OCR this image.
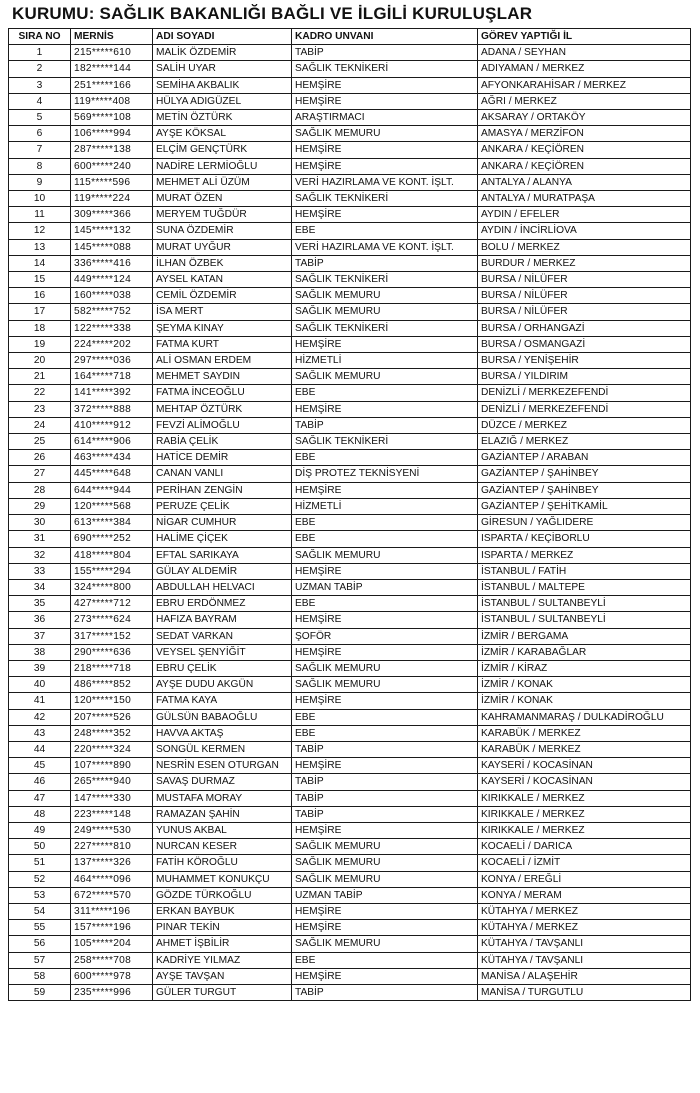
KURUMU: SAĞLIK BAKANLIĞI BAĞLI VE İLGİLİ KURULUŞLAR
SIRA NO	MERNİS	ADI SOYADI	KADRO UNVANI	GÖREV YAPTIĞI İL
1	215*****610	MALİK ÖZDEMİR	TABİP	ADANA / SEYHAN
2	182*****144	SALİH UYAR	SAĞLIK TEKNİKERİ	ADIYAMAN / MERKEZ
3	251*****166	SEMİHA AKBALIK	HEMŞİRE	AFYONKARAHİSAR / MERKEZ
4	119*****408	HÜLYA ADIGÜZEL	HEMŞİRE	AĞRI / MERKEZ
5	569*****108	METİN ÖZTÜRK	ARAŞTIRMACI	AKSARAY / ORTAKÖY
6	106*****994	AYŞE KÖKSAL	SAĞLIK MEMURU	AMASYA / MERZİFON
7	287*****138	ELÇİM GENÇTÜRK	HEMŞİRE	ANKARA / KEÇİÖREN
8	600*****240	NADİRE LERMİOĞLU	HEMŞİRE	ANKARA / KEÇİÖREN
9	115*****596	MEHMET ALİ ÜZÜM	VERİ HAZIRLAMA VE KONT. İŞLT.	ANTALYA / ALANYA
10	119*****224	MURAT ÖZEN	SAĞLIK TEKNİKERİ	ANTALYA / MURATPAŞA
11	309*****366	MERYEM TUĞDÜR	HEMŞİRE	AYDIN / EFELER
12	145*****132	SUNA ÖZDEMİR	EBE	AYDIN / İNCİRLİOVA
13	145*****088	MURAT UYĞUR	VERİ HAZIRLAMA VE KONT. İŞLT.	BOLU / MERKEZ
14	336*****416	İLHAN ÖZBEK	TABİP	BURDUR / MERKEZ
15	449*****124	AYSEL KATAN	SAĞLIK TEKNİKERİ	BURSA / NİLÜFER
16	160*****038	CEMİL ÖZDEMİR	SAĞLIK MEMURU	BURSA / NİLÜFER
17	582*****752	İSA MERT	SAĞLIK MEMURU	BURSA / NİLÜFER
18	122*****338	ŞEYMA KINAY	SAĞLIK TEKNİKERİ	BURSA / ORHANGAZİ
19	224*****202	FATMA KURT	HEMŞİRE	BURSA / OSMANGAZİ
20	297*****036	ALİ OSMAN ERDEM	HİZMETLİ	BURSA / YENİŞEHİR
21	164*****718	MEHMET SAYDIN	SAĞLIK MEMURU	BURSA / YILDIRIM
22	141*****392	FATMA İNCEOĞLU	EBE	DENİZLİ / MERKEZEFENDİ
23	372*****888	MEHTAP ÖZTÜRK	HEMŞİRE	DENİZLİ / MERKEZEFENDİ
24	410*****912	FEVZİ ALİMOĞLU	TABİP	DÜZCE / MERKEZ
25	614*****906	RABİA ÇELİK	SAĞLIK TEKNİKERİ	ELAZIĞ / MERKEZ
26	463*****434	HATİCE DEMİR	EBE	GAZİANTEP / ARABAN
27	445*****648	CANAN VANLI	DİŞ PROTEZ TEKNİSYENİ	GAZİANTEP / ŞAHİNBEY
28	644*****944	PERİHAN ZENGİN	HEMŞİRE	GAZİANTEP / ŞAHİNBEY
29	120*****568	PERUZE ÇELİK	HİZMETLİ	GAZİANTEP / ŞEHİTKAMİL
30	613*****384	NİGAR CUMHUR	EBE	GİRESUN / YAĞLIDERE
31	690*****252	HALİME ÇİÇEK	EBE	ISPARTA / KEÇİBORLU
32	418*****804	EFTAL SARIKAYA	SAĞLIK MEMURU	ISPARTA / MERKEZ
33	155*****294	GÜLAY ALDEMİR	HEMŞİRE	İSTANBUL / FATİH
34	324*****800	ABDULLAH HELVACI	UZMAN TABİP	İSTANBUL / MALTEPE
35	427*****712	EBRU ERDÖNMEZ	EBE	İSTANBUL / SULTANBEYLİ
36	273*****624	HAFIZA BAYRAM	HEMŞİRE	İSTANBUL / SULTANBEYLİ
37	317*****152	SEDAT VARKAN	ŞOFÖR	İZMİR / BERGAMA
38	290*****636	VEYSEL ŞENYİĞİT	HEMŞİRE	İZMİR / KARABAĞLAR
39	218*****718	EBRU ÇELİK	SAĞLIK MEMURU	İZMİR / KİRAZ
40	486*****852	AYŞE DUDU AKGÜN	SAĞLIK MEMURU	İZMİR / KONAK
41	120*****150	FATMA KAYA	HEMŞİRE	İZMİR / KONAK
42	207*****526	GÜLSÜN BABAOĞLU	EBE	KAHRAMANMARAŞ / DULKADİROĞLU
43	248*****352	HAVVA AKTAŞ	EBE	KARABÜK / MERKEZ
44	220*****324	SONGÜL KERMEN	TABİP	KARABÜK / MERKEZ
45	107*****890	NESRİN ESEN OTURGAN	HEMŞİRE	KAYSERİ / KOCASİNAN
46	265*****940	SAVAŞ DURMAZ	TABİP	KAYSERİ / KOCASİNAN
47	147*****330	MUSTAFA MORAY	TABİP	KIRIKKALE / MERKEZ
48	223*****148	RAMAZAN ŞAHİN	TABİP	KIRIKKALE / MERKEZ
49	249*****530	YUNUS AKBAL	HEMŞİRE	KIRIKKALE / MERKEZ
50	227*****810	NURCAN KESER	SAĞLIK MEMURU	KOCAELİ / DARICA
51	137*****326	FATİH KÖROĞLU	SAĞLIK MEMURU	KOCAELİ / İZMİT
52	464*****096	MUHAMMET KONUKÇU	SAĞLIK MEMURU	KONYA / EREĞLİ
53	672*****570	GÖZDE TÜRKOĞLU	UZMAN TABİP	KONYA / MERAM
54	311*****196	ERKAN BAYBUK	HEMŞİRE	KÜTAHYA / MERKEZ
55	157*****196	PINAR TEKİN	HEMŞİRE	KÜTAHYA / MERKEZ
56	105*****204	AHMET İŞBİLİR	SAĞLIK MEMURU	KÜTAHYA / TAVŞANLI
57	258*****708	KADRİYE YILMAZ	EBE	KÜTAHYA / TAVŞANLI
58	600*****978	AYŞE TAVŞAN	HEMŞİRE	MANİSA / ALAŞEHİR
59	235*****996	GÜLER TURGUT	TABİP	MANİSA / TURGUTLU
